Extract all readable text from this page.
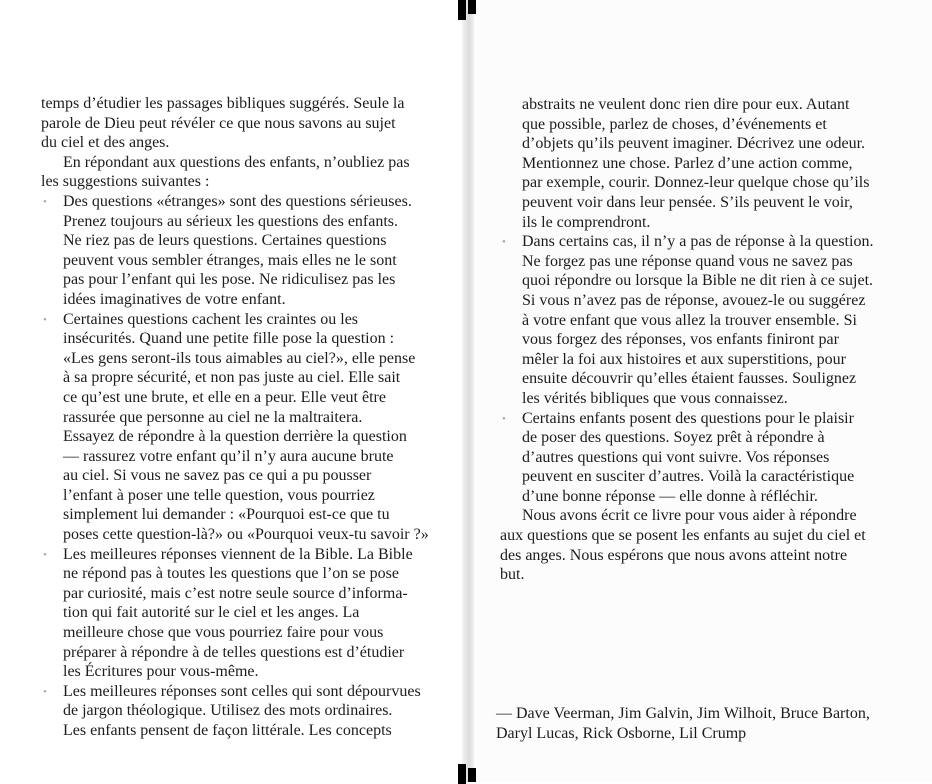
temps d’étudier les passages bibliques suggérés. Seule la
parole de Dieu peut révéler ce que nous savons au sujet
du ciel et des anges.
En répondant aux questions des enfants, n’oubliez pas
les suggestions suivantes :
• Des questions «étranges» sont des questions sérieuses.
Prenez toujours au sérieux les questions des enfants.
Ne riez pas de leurs questions. Certaines questions
peuvent vous sembler étranges, mais elles ne le sont
pas pour l’enfant qui les pose. Ne ridiculisez pas les
idées imaginatives de votre enfant.
• Certaines questions cachent les craintes ou les
insécurités. Quand une petite fille pose la question :
«Les gens seront-ils tous aimables au ciel?», elle pense
à sa propre sécurité, et non pas juste au ciel. Elle sait
ce qu’est une brute, et elle en a peur. Elle veut être
rassurée que personne au ciel ne la maltraitera.
Essayez de répondre à la question derrière la question
— rassurez votre enfant qu’il n’y aura aucune brute
au ciel. Si vous ne savez pas ce qui a pu pousser
l’enfant à poser une telle question, vous pourriez
simplement lui demander : «Pourquoi est-ce que tu
poses cette question-là?» ou «Pourquoi veux-tu savoir ?»
• Les meilleures réponses viennent de la Bible. La Bible
ne répond pas à toutes les questions que l’on se pose
par curiosité, mais c’est notre seule source d’informa-
tion qui fait autorité sur le ciel et les anges. La
meilleure chose que vous pourriez faire pour vous
préparer à répondre à de telles questions est d’étudier
les Écritures pour vous-même.
• Les meilleures réponses sont celles qui sont dépourvues
de jargon théologique. Utilisez des mots ordinaires.
Les enfants pensent de façon littérale. Les concepts
abstraits ne veulent donc rien dire pour eux. Autant
que possible, parlez de choses, d’événements et
d’objets qu’ils peuvent imaginer. Décrivez une odeur.
Mentionnez une chose. Parlez d’une action comme,
par exemple, courir. Donnez-leur quelque chose qu’ils
peuvent voir dans leur pensée. S’ils peuvent le voir,
ils le comprendront.
• Dans certains cas, il n’y a pas de réponse à la question.
Ne forgez pas une réponse quand vous ne savez pas
quoi répondre ou lorsque la Bible ne dit rien à ce sujet.
Si vous n’avez pas de réponse, avouez-le ou suggérez
à votre enfant que vous allez la trouver ensemble. Si
vous forgez des réponses, vos enfants finiront par
mêler la foi aux histoires et aux superstitions, pour
ensuite découvrir qu’elles étaient fausses. Soulignez
les vérités bibliques que vous connaissez.
• Certains enfants posent des questions pour le plaisir
de poser des questions. Soyez prêt à répondre à
d’autres questions qui vont suivre. Vos réponses
peuvent en susciter d’autres. Voilà la caractéristique
d’une bonne réponse — elle donne à réfléchir.
Nous avons écrit ce livre pour vous aider à répondre
aux questions que se posent les enfants au sujet du ciel et
des anges. Nous espérons que nous avons atteint notre
but.
— Dave Veerman, Jim Galvin, Jim Wilhoit, Bruce Barton,
Daryl Lucas, Rick Osborne, Lil Crump
